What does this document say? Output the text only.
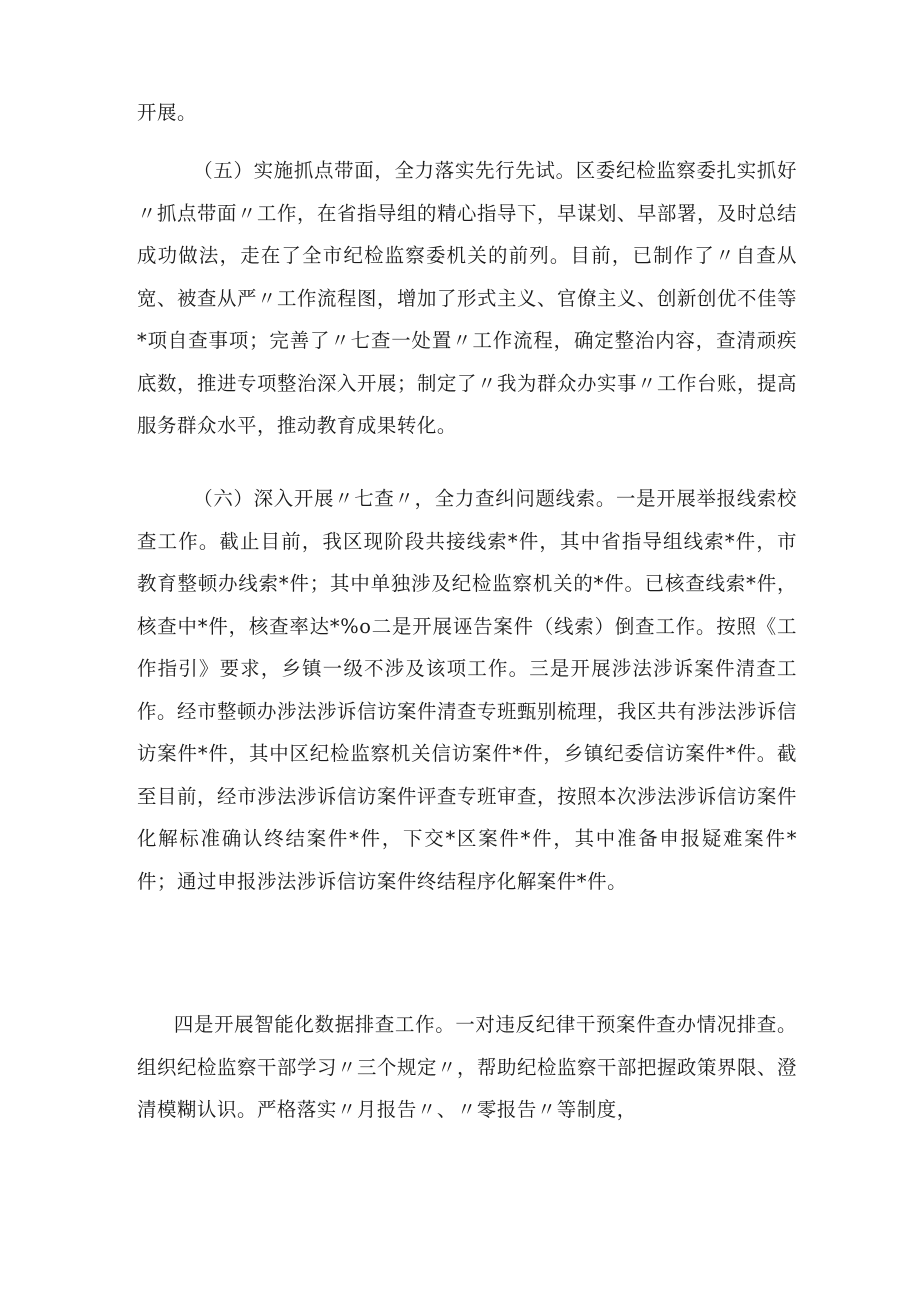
开展。

（五）实施抓点带面，全力落实先行先试。区委纪检监察委扎实抓好〃抓点带面〃工作，在省指导组的精心指导下，早谋划、早部署，及时总结成功做法，走在了全市纪检监察委机关的前列。目前，已制作了〃自查从宽、被查从严〃工作流程图，增加了形式主义、官僚主义、创新创优不佳等*项自查事项；完善了〃七查一处置〃工作流程，确定整治内容，查清顽疾底数，推进专项整治深入开展；制定了〃我为群众办实事〃工作台账，提高服务群众水平，推动教育成果转化。

（六）深入开展〃七查〃，全力查纠问题线索。一是开展举报线索校查工作。截止目前，我区现阶段共接线索*件，其中省指导组线索*件，市教育整顿办线索*件；其中单独涉及纪检监察机关的*件。已核查线索*件，核查中*件，核查率达*%o二是开展诬告案件（线索）倒查工作。按照《工作指引》要求，乡镇一级不涉及该项工作。三是开展涉法涉诉案件清查工作。经市整顿办涉法涉诉信访案件清查专班甄别梳理，我区共有涉法涉诉信访案件*件，其中区纪检监察机关信访案件*件，乡镇纪委信访案件*件。截至目前，经市涉法涉诉信访案件评查专班审查，按照本次涉法涉诉信访案件化解标准确认终结案件*件，下交*区案件*件，其中准备申报疑难案件*件；通过申报涉法涉诉信访案件终结程序化解案件*件。

四是开展智能化数据排查工作。一对违反纪律干预案件查办情况排查。组织纪检监察干部学习〃三个规定〃，帮助纪检监察干部把握政策界限、澄清模糊认识。严格落实〃月报告〃、〃零报告〃等制度，
